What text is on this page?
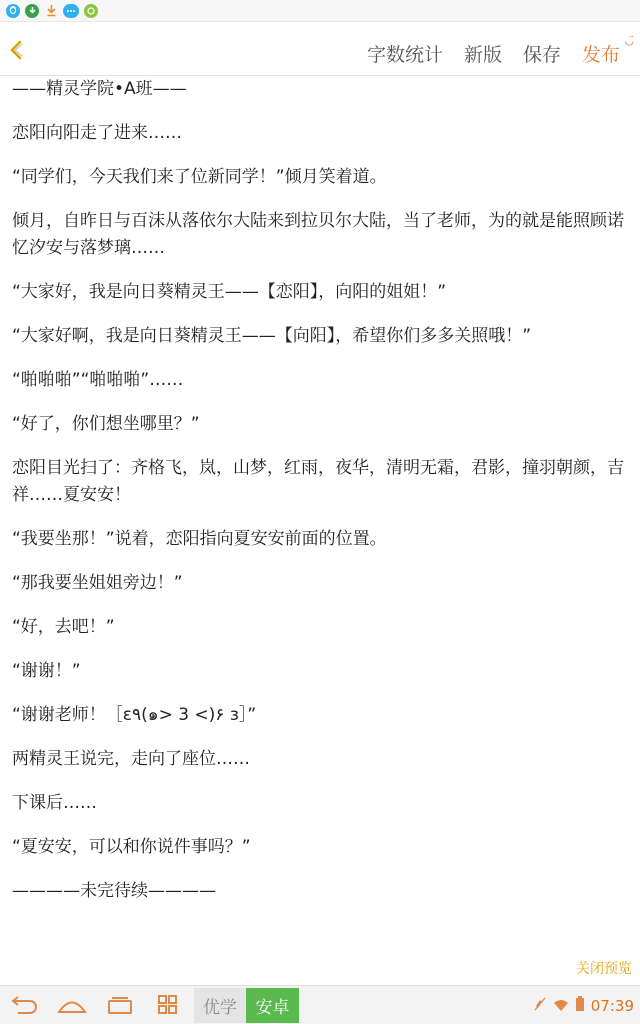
字数统计 新版 保存 发布
◡̈

——精灵学院•A班——

恋阳向阳走了进来……

“同学们，今天我们来了位新同学！”倾月笑着道。

倾月，自昨日与百沫从落依尔大陆来到拉贝尔大陆，当了老师，为的就是能照顾诺忆汐安与落梦璃……

“大家好，我是向日葵精灵王——【恋阳】，向阳的姐姐！”

“大家好啊，我是向日葵精灵王——【向阳】，希望你们多多关照哦！”

“啪啪啪”“啪啪啪”……

“好了，你们想坐哪里？”

恋阳目光扫了：齐格飞，岚，山梦，红雨，夜华，清明无霜，君影，撞羽朝颜，吉祥……夏安安！

“我要坐那！”说着，恋阳指向夏安安前面的位置。

“那我要坐姐姐旁边！”

“好，去吧！”

“谢谢！”

“谢谢老师！［ε٩(๑> 3 <)۶ з］”

两精灵王说完，走向了座位……

下课后……

“夏安安，可以和你说件事吗？”

————未完待续————

关闭预览
优学	安卓	07:39
